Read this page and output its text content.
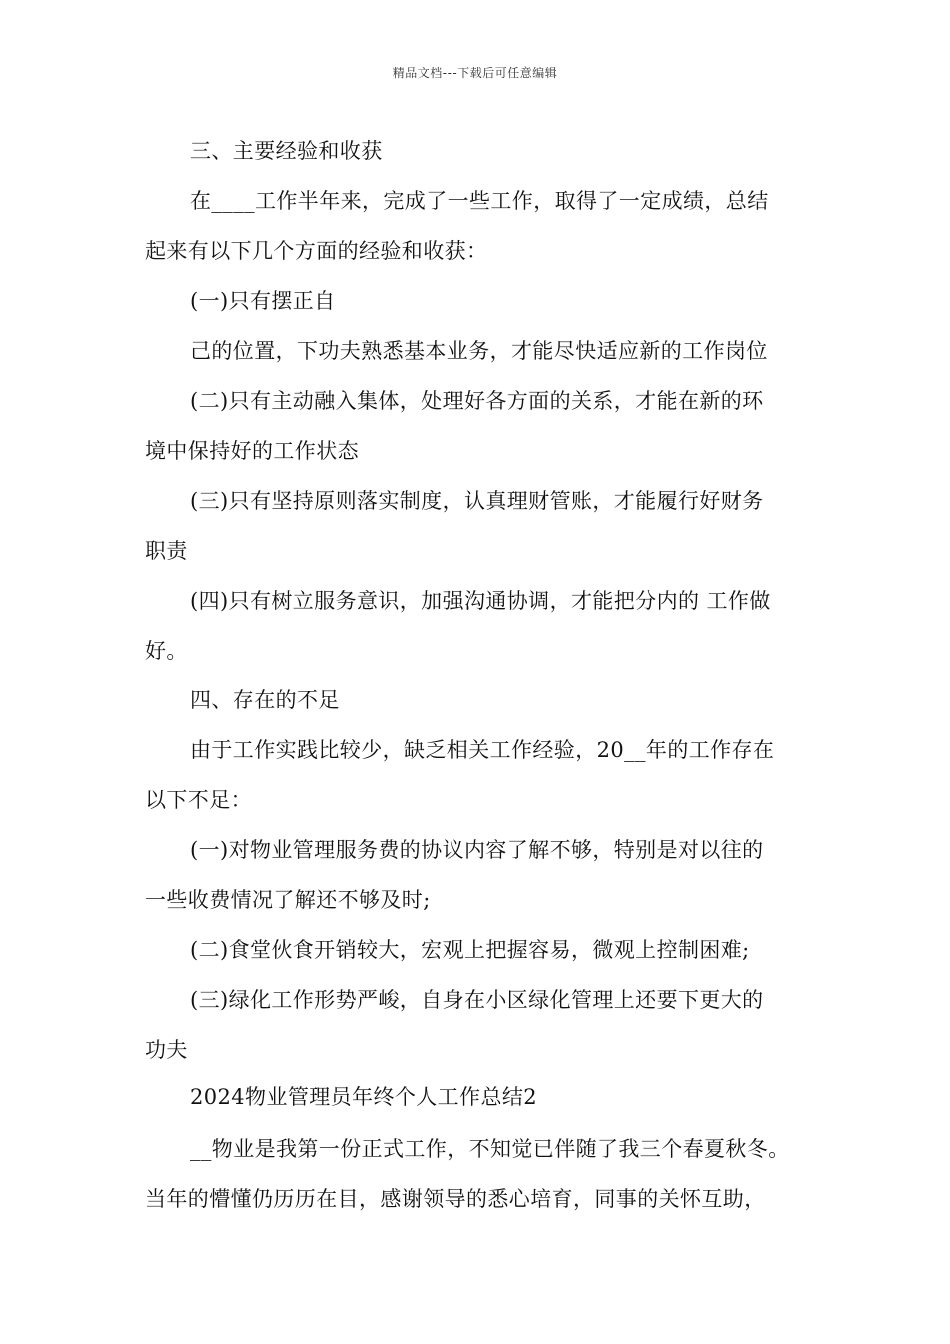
精品文档---下载后可任意编辑
三、主要经验和收获
在____工作半年来，完成了一些工作，取得了一定成绩，总结
起来有以下几个方面的经验和收获：
(一)只有摆正自
己的位置，下功夫熟悉基本业务，才能尽快适应新的工作岗位
(二)只有主动融入集体，处理好各方面的关系，才能在新的环
境中保持好的工作状态
(三)只有坚持原则落实制度，认真理财管账，才能履行好财务
职责
(四)只有树立服务意识，加强沟通协调，才能把分内的 工作做
好。
四、存在的不足
由于工作实践比较少，缺乏相关工作经验，20__年的工作存在
以下不足：
(一)对物业管理服务费的协议内容了解不够，特别是对以往的
一些收费情况了解还不够及时;
(二)食堂伙食开销较大，宏观上把握容易，微观上控制困难;
(三)绿化工作形势严峻，自身在小区绿化管理上还要下更大的
功夫
2024物业管理员年终个人工作总结2
__物业是我第一份正式工作，不知觉已伴随了我三个春夏秋冬。
当年的懵懂仍历历在目，感谢领导的悉心培育，同事的关怀互助，
